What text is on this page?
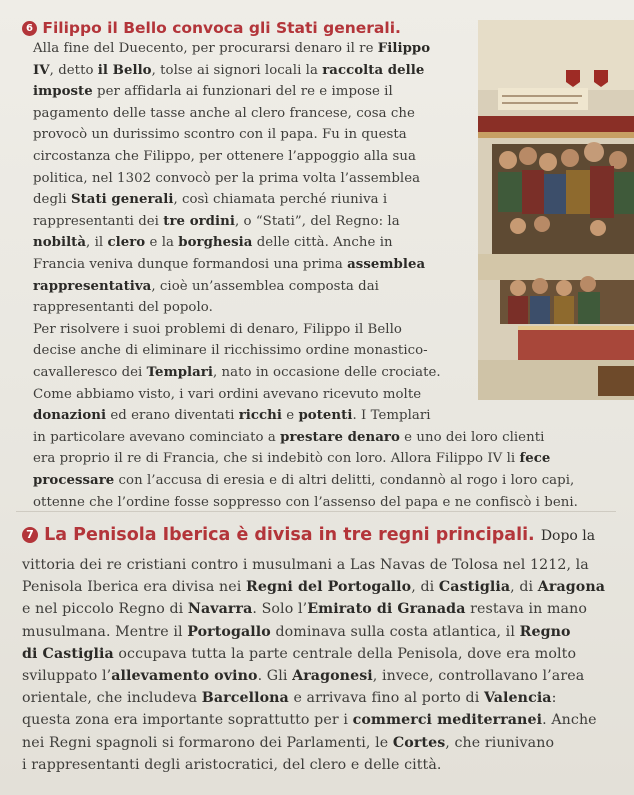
6 Filippo il Bello convoca gli Stati generali.
Alla fine del Duecento, per procurarsi denaro il re Filippo
IV, detto il Bello, tolse ai signori locali la raccolta delle
imposte per affidarla ai funzionari del re e impose il
pagamento delle tasse anche al clero francese, cosa che
provocò un durissimo scontro con il papa. Fu in questa
circostanza che Filippo, per ottenere l’appoggio alla sua
politica, nel 1302 convocò per la prima volta l’assemblea
degli Stati generali, così chiamata perché riuniva i
rappresentanti dei tre ordini, o “Stati”, del Regno: la
nobiltà, il clero e la borghesia delle città. Anche in
Francia veniva dunque formandosi una prima assemblea
rappresentativa, cioè un’assemblea composta dai
rappresentanti del popolo.
Per risolvere i suoi problemi di denaro, Filippo il Bello
decise anche di eliminare il ricchissimo ordine monastico-
cavalleresco dei Templari, nato in occasione delle crociate.
Come abbiamo visto, i vari ordini avevano ricevuto molte
donazioni ed erano diventati ricchi e potenti. I Templari
in particolare avevano cominciato a prestare denaro e uno dei loro clienti
era proprio il re di Francia, che si indebitò con loro. Allora Filippo IV li fece
processare con l’accusa di eresia e di altri delitti, condannò al rogo i loro capi,
ottenne che l’ordine fosse soppresso con l’assenso del papa e ne confiscò i beni.
7 La Penisola Iberica è divisa in tre regni principali. Dopo la
vittoria dei re cristiani contro i musulmani a Las Navas de Tolosa nel 1212, la
Penisola Iberica era divisa nei Regni del Portogallo, di Castiglia, di Aragona
e nel piccolo Regno di Navarra. Solo l’Emirato di Granada restava in mano
musulmana. Mentre il Portogallo dominava sulla costa atlantica, il Regno
di Castiglia occupava tutta la parte centrale della Penisola, dove era molto
sviluppato l’allevamento ovino. Gli Aragonesi, invece, controllavano l’area
orientale, che includeva Barcellona e arrivava fino al porto di Valencia:
questa zona era importante soprattutto per i commerci mediterranei. Anche
nei Regni spagnoli si formarono dei Parlamenti, le Cortes, che riunivano
i rappresentanti degli aristocratici, del clero e delle città.
